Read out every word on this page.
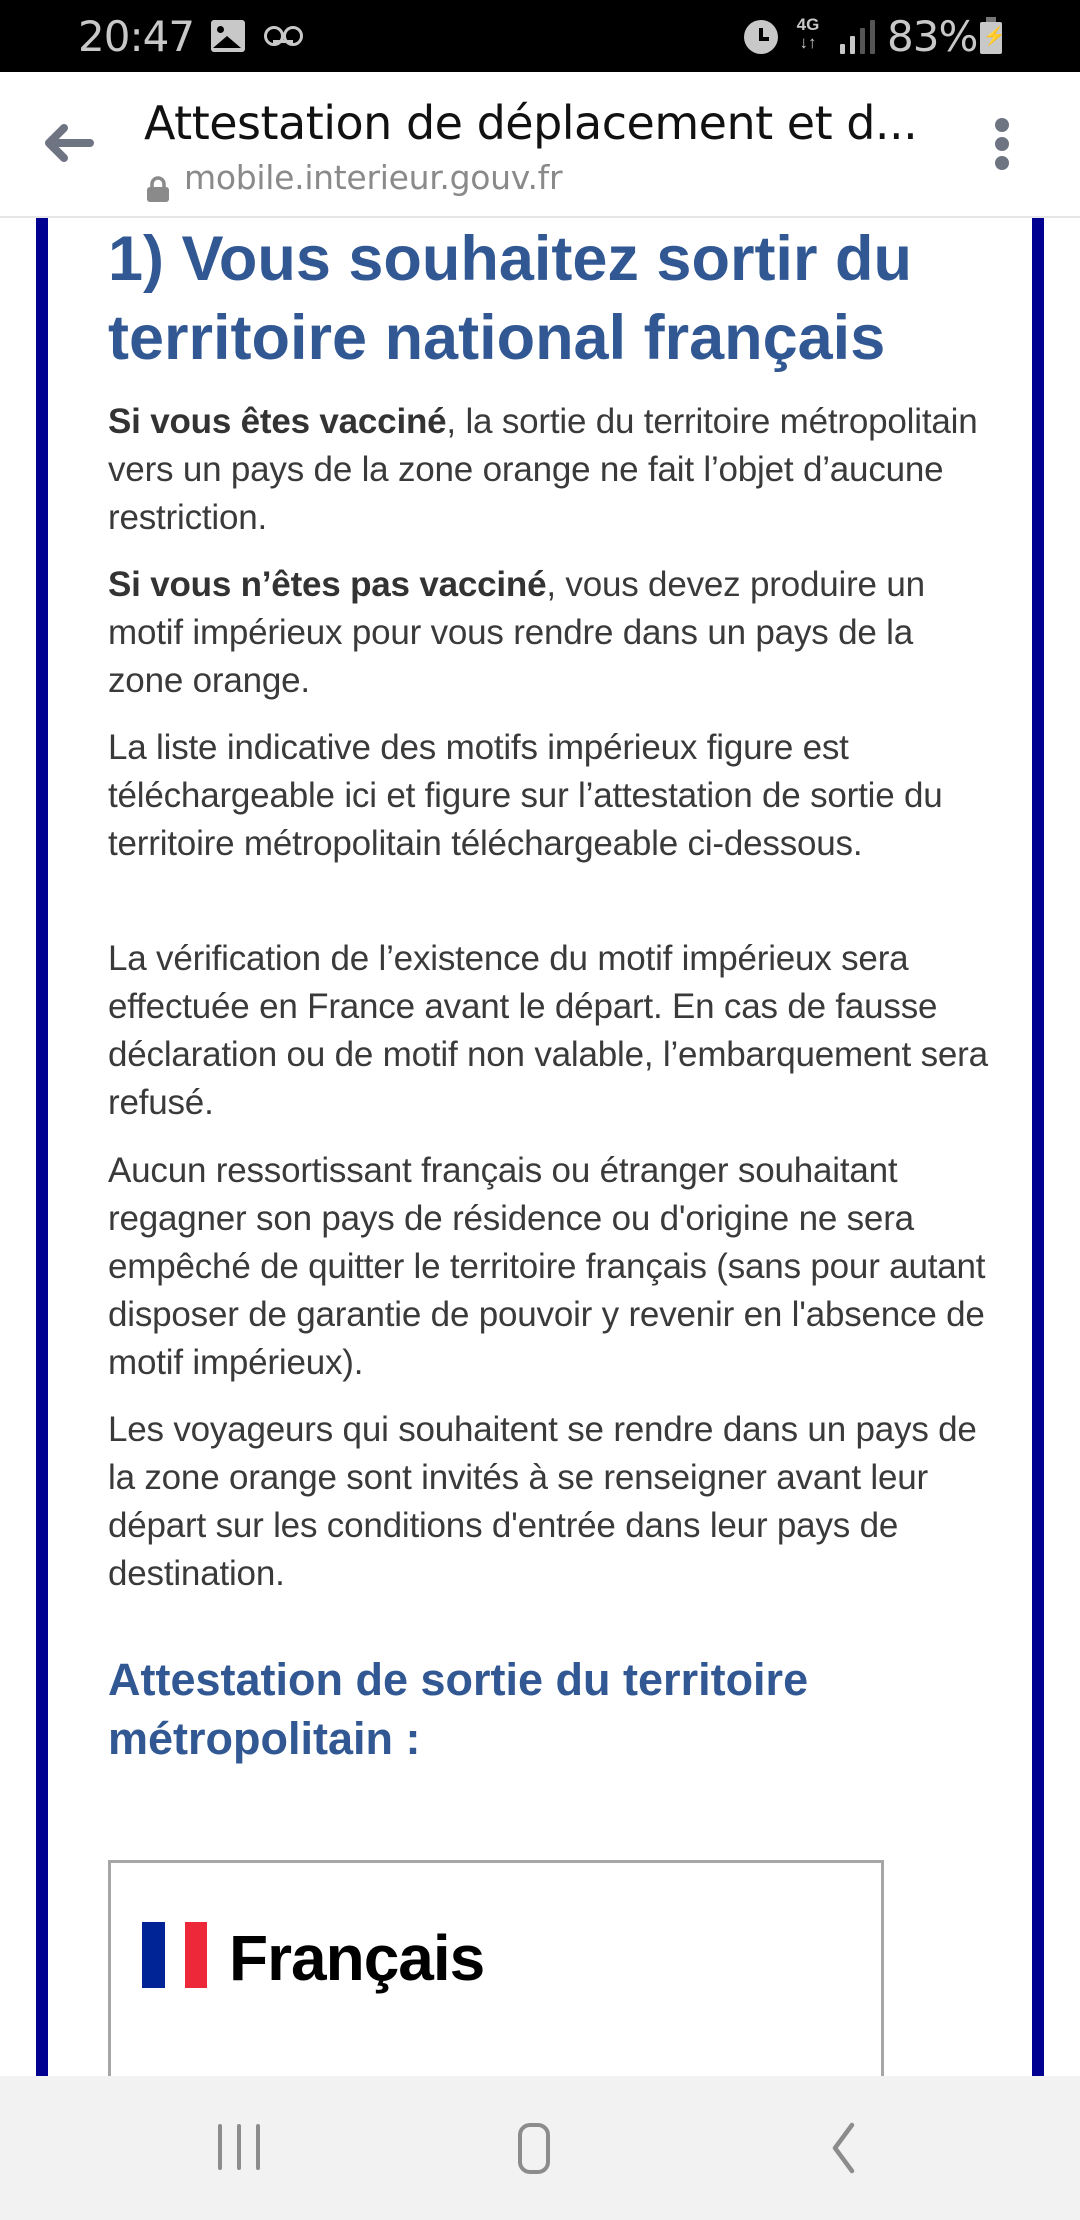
20:47	4G
↓↑ 83%
⚡
Attestation de déplacement et d...
mobile.interieur.gouv.fr
1) Vous souhaitez sortir du territoire national français

Si vous êtes vacciné, la sortie du territoire métropolitain vers un pays de la zone orange ne fait l’objet d’aucune restriction.

Si vous n’êtes pas vacciné, vous devez produire un motif impérieux pour vous rendre dans un pays de la zone orange.

La liste indicative des motifs impérieux figure est téléchargeable ici et figure sur l’attestation de sortie du territoire métropolitain téléchargeable ci-dessous.

La vérification de l’existence du motif impérieux sera effectuée en France avant le départ. En cas de fausse déclaration ou de motif non valable, l’embarquement sera refusé.

Aucun ressortissant français ou étranger souhaitant regagner son pays de résidence ou d'origine ne sera empêché de quitter le territoire français (sans pour autant disposer de garantie de pouvoir y revenir en l'absence de motif impérieux).

Les voyageurs qui souhaitent se rendre dans un pays de la zone orange sont invités à se renseigner avant leur départ sur les conditions d'entrée dans leur pays de destination.

Attestation de sortie du territoire métropolitain :
Français
